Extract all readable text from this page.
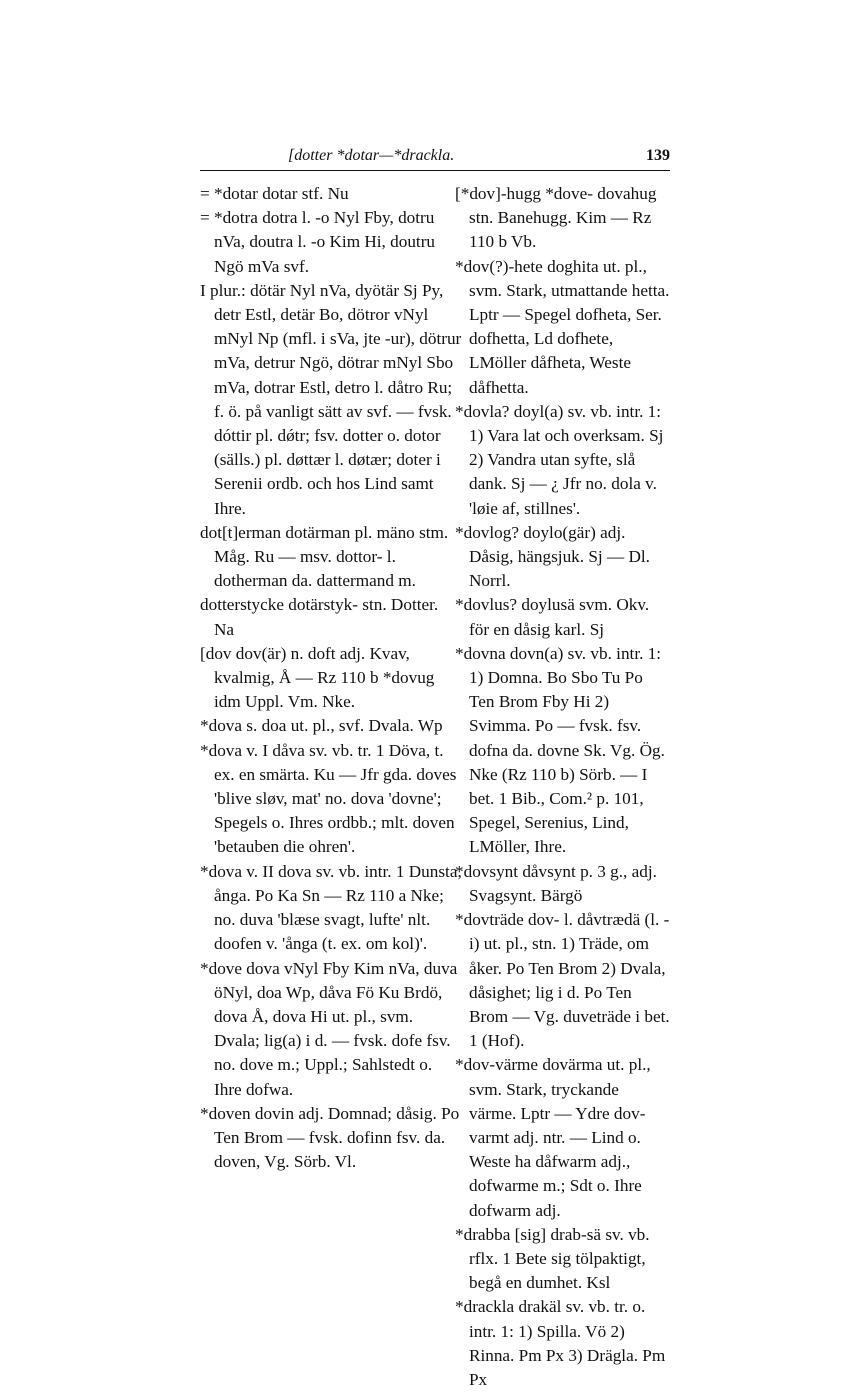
[dotter *dotar—*drackla.	139

= *dotar dotar stf. Nu

= *dotra dotra l. -o Nyl Fby, dotru nVa, doutra l. -o Kim Hi, doutru Ngö mVa svf.

I plur.: dötär Nyl nVa, dyötär Sj Py, detr Estl, detär Bo, dötror vNyl mNyl Np (mfl. i sVa, jte -ur), dötrur mVa, detrur Ngö, dötrar mNyl Sbo mVa, dotrar Estl, detro l. dåtro Ru; f. ö. på vanligt sätt av svf. — fvsk. dóttir pl. dǿtr; fsv. dotter o. dotor (sälls.) pl. døttær l. døtær; doter i Serenii ordb. och hos Lind samt Ihre.

dot[t]erman dotärman pl. mäno stm. Måg. Ru — msv. dottor- l. dotherman da. dattermand m.

dotterstycke dotärstyk- stn. Dotter. Na

[dov dov(är) n. doft adj. Kvav, kvalmig, Å — Rz 110 b *dovug idm Uppl. Vm. Nke.

*dova s. doa ut. pl., svf. Dvala. Wp

*dova v. I dåva sv. vb. tr. 1 Döva, t. ex. en smärta. Ku — Jfr gda. doves 'blive sløv, mat' no. dova 'dovne'; Spegels o. Ihres ordbb.; mlt. doven 'betauben die ohren'.

*dova v. II dova sv. vb. intr. 1 Dunsta, ånga. Po Ka Sn — Rz 110 a Nke; no. duva 'blæse svagt, lufte' nlt. doofen v. 'ånga (t. ex. om kol)'.

*dove dova vNyl Fby Kim nVa, duva öNyl, doa Wp, dåva Fö Ku Brdö, dova Å, dova Hi ut. pl., svm. Dvala; lig(a) i d. — fvsk. dofe fsv. no. dove m.; Uppl.; Sahlstedt o. Ihre dofwa.

*doven dovin adj. Domnad; dåsig. Po Ten Brom — fvsk. dofinn fsv. da. doven, Vg. Sörb. Vl.

[*dov]-hugg *dove- dovahug stn. Banehugg. Kim — Rz 110 b Vb.

*dov(?)-hete doghita ut. pl., svm. Stark, utmattande hetta. Lptr — Spegel dofheta, Ser. dofhetta, Ld dofhete, LMöller dåfheta, Weste dåfhetta.

*dovla? doyl(a) sv. vb. intr. 1: 1) Vara lat och overksam. Sj 2) Vandra utan syfte, slå dank. Sj — ¿ Jfr no. dola v. 'løie af, stillnes'.

*dovlog? doylo(gär) adj. Dåsig, hängsjuk. Sj — Dl. Norrl.

*dovlus? doylusä svm. Okv. för en dåsig karl. Sj

*dovna dovn(a) sv. vb. intr. 1: 1) Domna. Bo Sbo Tu Po Ten Brom Fby Hi 2) Svimma. Po — fvsk. fsv. dofna da. dovne Sk. Vg. Ög. Nke (Rz 110 b) Sörb. — I bet. 1 Bib., Com.² p. 101, Spegel, Serenius, Lind, LMöller, Ihre.

*dovsynt dåvsynt p. 3 g., adj. Svagsynt. Bärgö

*dovträde dov- l. dåvtrædä (l. -i) ut. pl., stn. 1) Träde, om åker. Po Ten Brom 2) Dvala, dåsighet; lig i d. Po Ten Brom — Vg. duveträde i bet. 1 (Hof).

*dov-värme dovärma ut. pl., svm. Stark, tryckande värme. Lptr — Ydre dov-varmt adj. ntr. — Lind o. Weste ha dåfwarm adj., dofwarme m.; Sdt o. Ihre dofwarm adj.

*drabba [sig] drab-sä sv. vb. rflx. 1 Bete sig tölpaktigt, begå en dumhet. Ksl

*drackla drakäl sv. vb. tr. o. intr. 1: 1) Spilla. Vö 2) Rinna. Pm Px 3) Drägla. Pm Px
